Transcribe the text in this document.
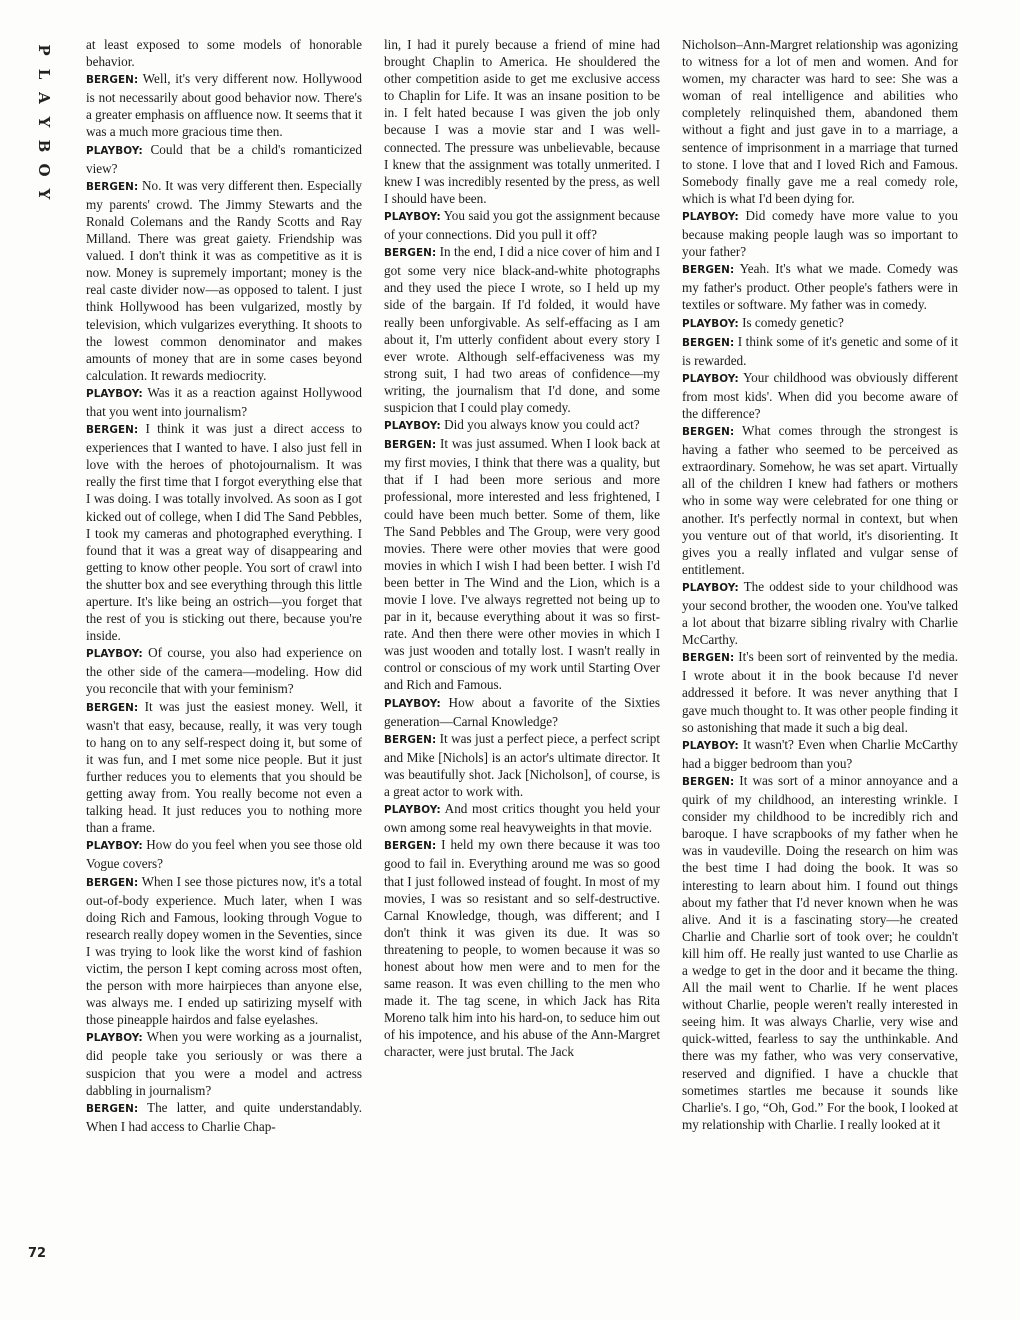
P
L
A
Y
B
O
Y
72

at least exposed to some models of honorable behavior.

BERGEN: Well, it's very different now. Hollywood is not necessarily about good behavior now. There's a greater emphasis on affluence now. It seems that it was a much more gracious time then.

PLAYBOY: Could that be a child's romanticized view?

BERGEN: No. It was very different then. Especially my parents' crowd. The Jimmy Stewarts and the Ronald Colemans and the Randy Scotts and Ray Milland. There was great gaiety. Friendship was valued. I don't think it was as competitive as it is now. Money is supremely important; money is the real caste divider now—as opposed to talent. I just think Hollywood has been vulgarized, mostly by television, which vulgarizes everything. It shoots to the lowest common denominator and makes amounts of money that are in some cases beyond calculation. It rewards mediocrity.

PLAYBOY: Was it as a reaction against Hollywood that you went into journalism?

BERGEN: I think it was just a direct access to experiences that I wanted to have. I also just fell in love with the heroes of photojournalism. It was really the first time that I forgot everything else that I was doing. I was totally involved. As soon as I got kicked out of college, when I did The Sand Pebbles, I took my cameras and photographed everything. I found that it was a great way of disappearing and getting to know other people. You sort of crawl into the shutter box and see everything through this little aperture. It's like being an ostrich—you forget that the rest of you is sticking out there, because you're inside.

PLAYBOY: Of course, you also had experience on the other side of the camera—modeling. How did you reconcile that with your feminism?

BERGEN: It was just the easiest money. Well, it wasn't that easy, because, really, it was very tough to hang on to any self-respect doing it, but some of it was fun, and I met some nice people. But it just further reduces you to elements that you should be getting away from. You really become not even a talking head. It just reduces you to nothing more than a frame.

PLAYBOY: How do you feel when you see those old Vogue covers?

BERGEN: When I see those pictures now, it's a total out-of-body experience. Much later, when I was doing Rich and Famous, looking through Vogue to research really dopey women in the Seventies, since I was trying to look like the worst kind of fashion victim, the person I kept coming across most often, the person with more hairpieces than anyone else, was always me. I ended up satirizing myself with those pineapple hairdos and false eyelashes.

PLAYBOY: When you were working as a journalist, did people take you seriously or was there a suspicion that you were a model and actress dabbling in journalism?

BERGEN: The latter, and quite understandably. When I had access to Charlie Chap-

lin, I had it purely because a friend of mine had brought Chaplin to America. He shouldered the other competition aside to get me exclusive access to Chaplin for Life. It was an insane position to be in. I felt hated because I was given the job only because I was a movie star and I was well-connected. The pressure was unbelievable, because I knew that the assignment was totally unmerited. I knew I was incredibly resented by the press, as well I should have been.

PLAYBOY: You said you got the assignment because of your connections. Did you pull it off?

BERGEN: In the end, I did a nice cover of him and I got some very nice black-and-white photographs and they used the piece I wrote, so I held up my side of the bargain. If I'd folded, it would have really been unforgivable. As self-effacing as I am about it, I'm utterly confident about every story I ever wrote. Although self-effaciveness was my strong suit, I had two areas of confidence—my writing, the journalism that I'd done, and some suspicion that I could play comedy.

PLAYBOY: Did you always know you could act?

BERGEN: It was just assumed. When I look back at my first movies, I think that there was a quality, but that if I had been more serious and more professional, more interested and less frightened, I could have been much better. Some of them, like The Sand Pebbles and The Group, were very good movies. There were other movies that were good movies in which I wish I had been better. I wish I'd been better in The Wind and the Lion, which is a movie I love. I've always regretted not being up to par in it, because everything about it was so first-rate. And then there were other movies in which I was just wooden and totally lost. I wasn't really in control or conscious of my work until Starting Over and Rich and Famous.

PLAYBOY: How about a favorite of the Sixties generation—Carnal Knowledge?

BERGEN: It was just a perfect piece, a perfect script and Mike [Nichols] is an actor's ultimate director. It was beautifully shot. Jack [Nicholson], of course, is a great actor to work with.

PLAYBOY: And most critics thought you held your own among some real heavyweights in that movie.

BERGEN: I held my own there because it was too good to fail in. Everything around me was so good that I just followed instead of fought. In most of my movies, I was so resistant and so self-destructive. Carnal Knowledge, though, was different; and I don't think it was given its due. It was so threatening to people, to women because it was so honest about how men were and to men for the same reason. It was even chilling to the men who made it. The tag scene, in which Jack has Rita Moreno talk him into his hard-on, to seduce him out of his impotence, and his abuse of the Ann-Margret character, were just brutal. The Jack

Nicholson–Ann-Margret relationship was agonizing to witness for a lot of men and women. And for women, my character was hard to see: She was a woman of real intelligence and abilities who completely relinquished them, abandoned them without a fight and just gave in to a marriage, a sentence of imprisonment in a marriage that turned to stone. I love that and I loved Rich and Famous. Somebody finally gave me a real comedy role, which is what I'd been dying for.

PLAYBOY: Did comedy have more value to you because making people laugh was so important to your father?

BERGEN: Yeah. It's what we made. Comedy was my father's product. Other people's fathers were in textiles or software. My father was in comedy.

PLAYBOY: Is comedy genetic?

BERGEN: I think some of it's genetic and some of it is rewarded.

PLAYBOY: Your childhood was obviously different from most kids'. When did you become aware of the difference?

BERGEN: What comes through the strongest is having a father who seemed to be perceived as extraordinary. Somehow, he was set apart. Virtually all of the children I knew had fathers or mothers who in some way were celebrated for one thing or another. It's perfectly normal in context, but when you venture out of that world, it's disorienting. It gives you a really inflated and vulgar sense of entitlement.

PLAYBOY: The oddest side to your childhood was your second brother, the wooden one. You've talked a lot about that bizarre sibling rivalry with Charlie McCarthy.

BERGEN: It's been sort of reinvented by the media. I wrote about it in the book because I'd never addressed it before. It was never anything that I gave much thought to. It was other people finding it so astonishing that made it such a big deal.

PLAYBOY: It wasn't? Even when Charlie McCarthy had a bigger bedroom than you?

BERGEN: It was sort of a minor annoyance and a quirk of my childhood, an interesting wrinkle. I consider my childhood to be incredibly rich and baroque. I have scrapbooks of my father when he was in vaudeville. Doing the research on him was the best time I had doing the book. It was so interesting to learn about him. I found out things about my father that I'd never known when he was alive. And it is a fascinating story—he created Charlie and Charlie sort of took over; he couldn't kill him off. He really just wanted to use Charlie as a wedge to get in the door and it became the thing. All the mail went to Charlie. If he went places without Charlie, people weren't really interested in seeing him. It was always Charlie, very wise and quick-witted, fearless to say the unthinkable. And there was my father, who was very conservative, reserved and dignified. I have a chuckle that sometimes startles me because it sounds like Charlie's. I go, “Oh, God.” For the book, I looked at my relationship with Charlie. I really looked at it
